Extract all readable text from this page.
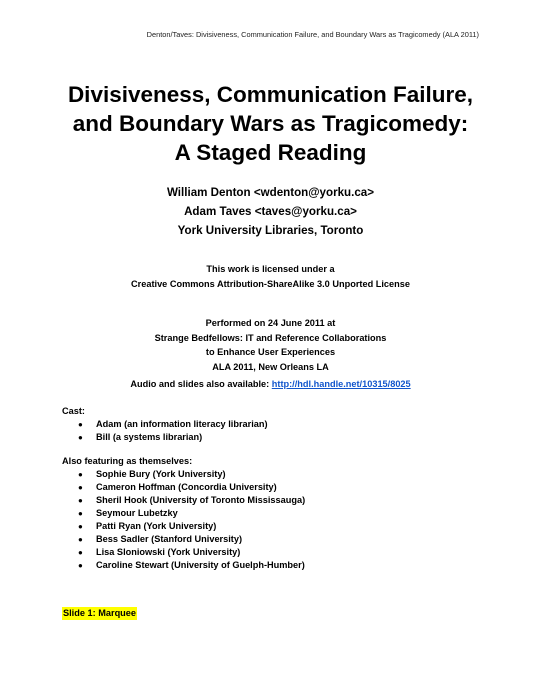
Denton/Taves: Divisiveness, Communication Failure, and Boundary Wars as Tragicomedy (ALA 2011)
Divisiveness, Communication Failure,
and Boundary Wars as Tragicomedy:
A Staged Reading
William Denton <wdenton@yorku.ca>
Adam Taves <taves@yorku.ca>
York University Libraries, Toronto
This work is licensed under a
Creative Commons Attribution-ShareAlike 3.0 Unported License
Performed on 24 June 2011 at
Strange Bedfellows: IT and Reference Collaborations
to Enhance User Experiences
ALA 2011, New Orleans LA
Audio and slides also available: http://hdl.handle.net/10315/8025
Cast:
● Adam (an information literacy librarian)
● Bill (a systems librarian)
Also featuring as themselves:
● Sophie Bury (York University)
● Cameron Hoffman (Concordia University)
● Sheril Hook (University of Toronto Mississauga)
● Seymour Lubetzky
● Patti Ryan (York University)
● Bess Sadler (Stanford University)
● Lisa Sloniowski (York University)
● Caroline Stewart (University of Guelph-Humber)
Slide 1: Marquee
